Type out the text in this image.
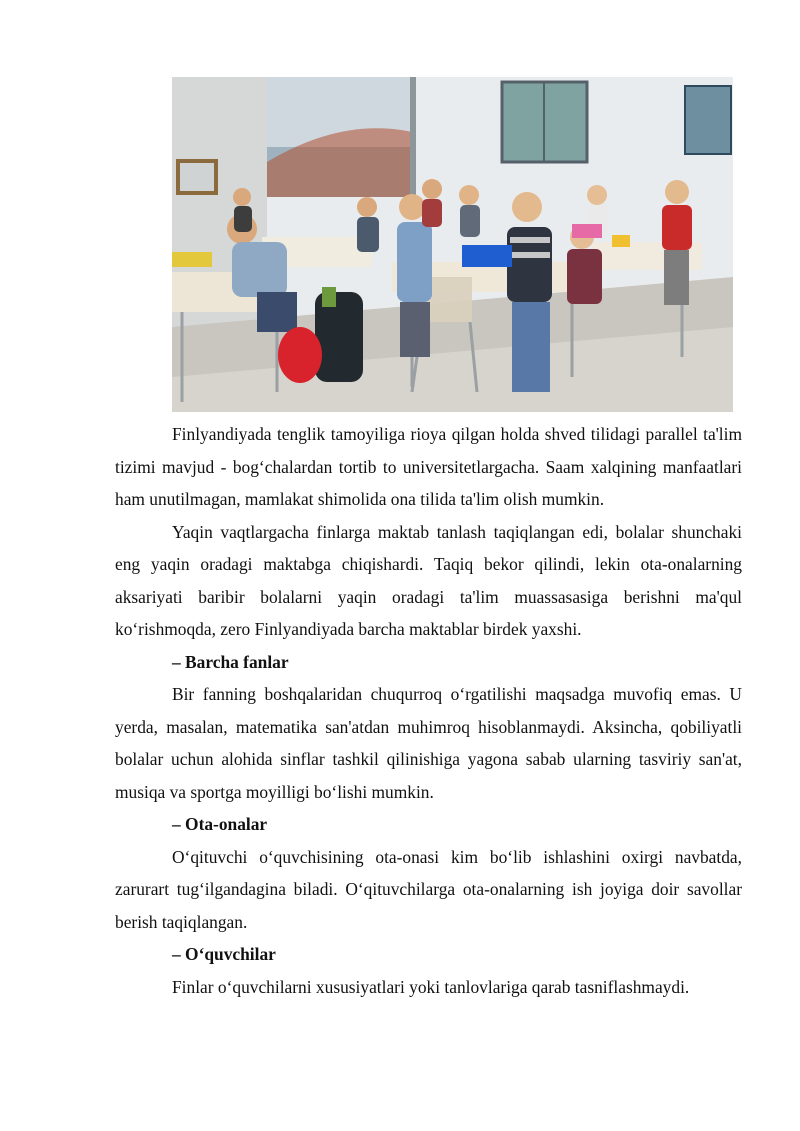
Finlyandiyada tenglik tamoyiliga rioya qilgan holda shved tilidagi parallel ta'lim tizimi mavjud - bog‘chalardan tortib to universitetlargacha. Saam xalqining manfaatlari ham unutilmagan, mamlakat shimolida ona tilida ta'lim olish mumkin.

Yaqin vaqtlargacha finlarga maktab tanlash taqiqlangan edi, bolalar shunchaki eng yaqin oradagi maktabga chiqishardi. Taqiq bekor qilindi, lekin ota-onalarning aksariyati baribir bolalarni yaqin oradagi ta'lim muassasasiga berishni ma'qul ko‘rishmoqda, zero Finlyandiyada barcha maktablar birdek yaxshi.

– Barcha fanlar

Bir fanning boshqalaridan chuqurroq o‘rgatilishi maqsadga muvofiq emas. U yerda, masalan, matematika san'atdan muhimroq hisoblanmaydi. Aksincha, qobiliyatli bolalar uchun alohida sinflar tashkil qilinishiga yagona sabab ularning tasviriy san'at, musiqa va sportga moyilligi bo‘lishi mumkin.

– Ota-onalar

O‘qituvchi o‘quvchisining ota-onasi kim bo‘lib ishlashini oxirgi navbatda, zarurart tug‘ilgandagina biladi. O‘qituvchilarga ota-onalarning ish joyiga doir savollar berish taqiqlangan.

– O‘quvchilar

Finlar o‘quvchilarni xususiyatlari yoki tanlovlariga qarab tasniflashmaydi.
